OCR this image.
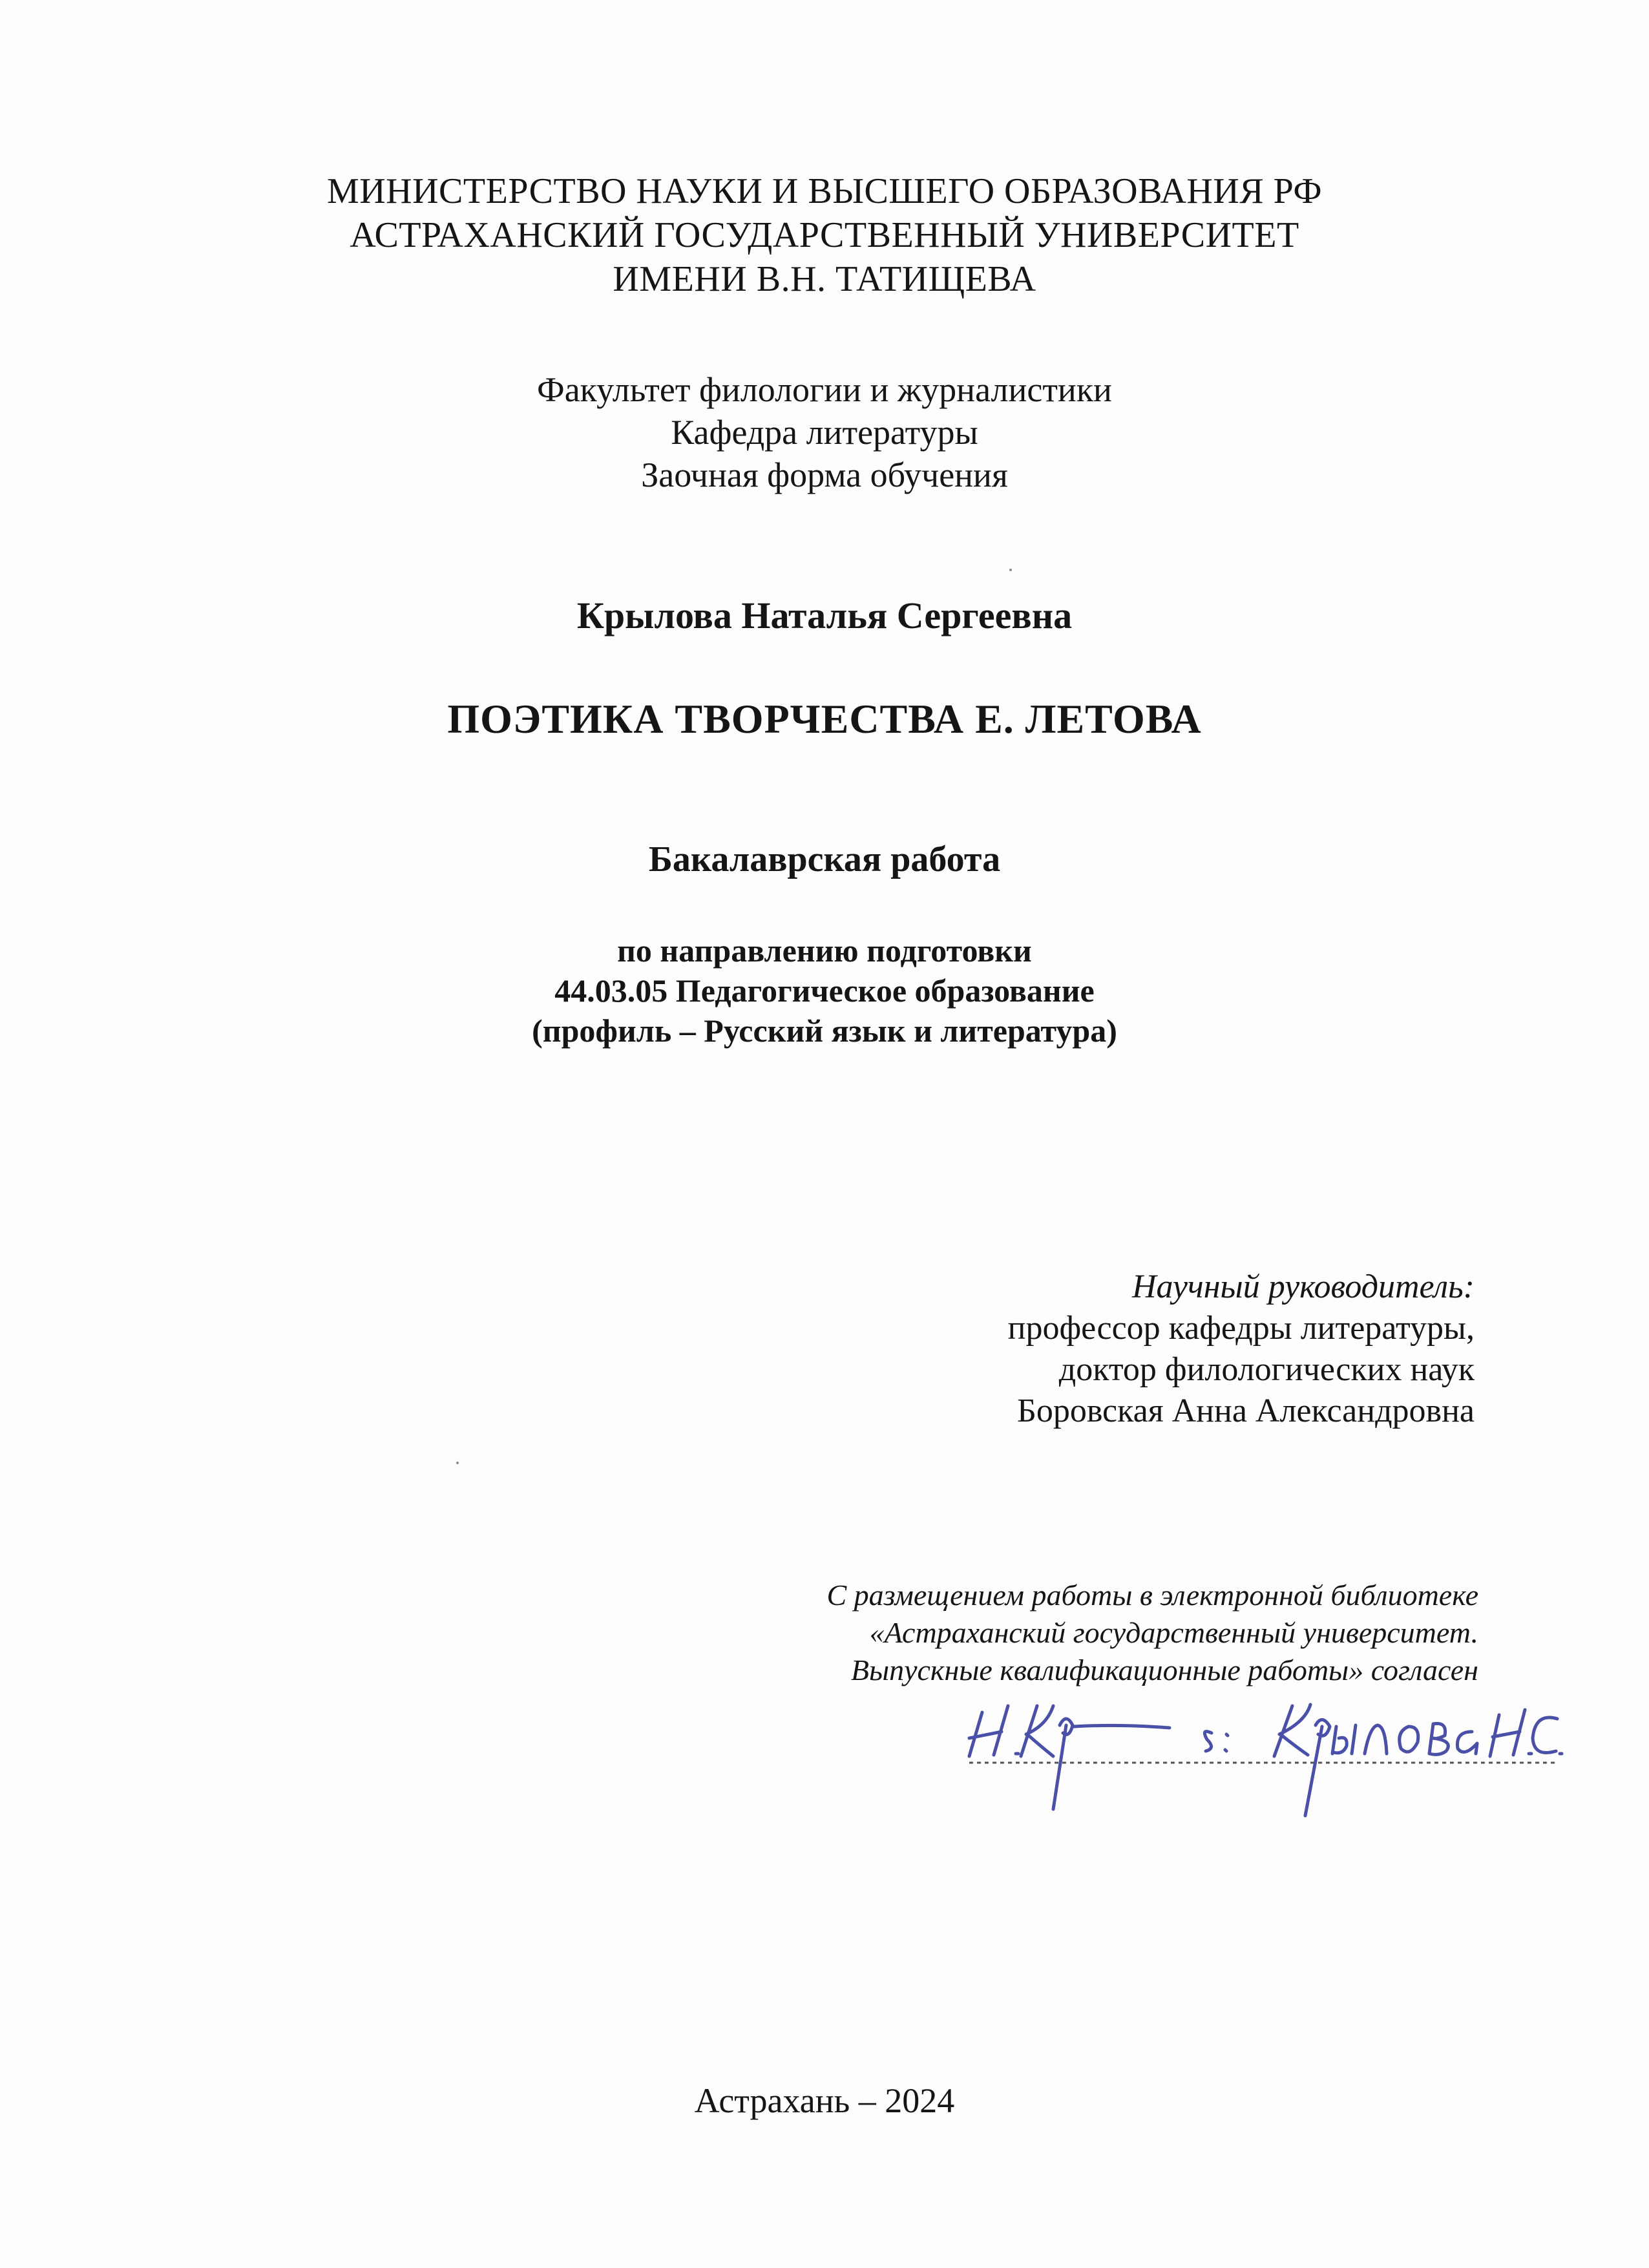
МИНИСТЕРСТВО НАУКИ И ВЫСШЕГО ОБРАЗОВАНИЯ РФ
АСТРАХАНСКИЙ ГОСУДАРСТВЕННЫЙ УНИВЕРСИТЕТ
ИМЕНИ В.Н. ТАТИЩЕВА
Факультет филологии и журналистики
Кафедра литературы
Заочная форма обучения
Крылова Наталья Сергеевна
ПОЭТИКА ТВОРЧЕСТВА Е. ЛЕТОВА
Бакалаврская работа
по направлению подготовки
44.03.05 Педагогическое образование
(профиль – Русский язык и литература)
Научный руководитель:
профессор кафедры литературы,
доктор филологических наук
Боровская Анна Александровна
С размещением работы в электронной библиотеке
«Астраханский государственный университет.
Выпускные квалификационные работы» согласен
Астрахань – 2024
